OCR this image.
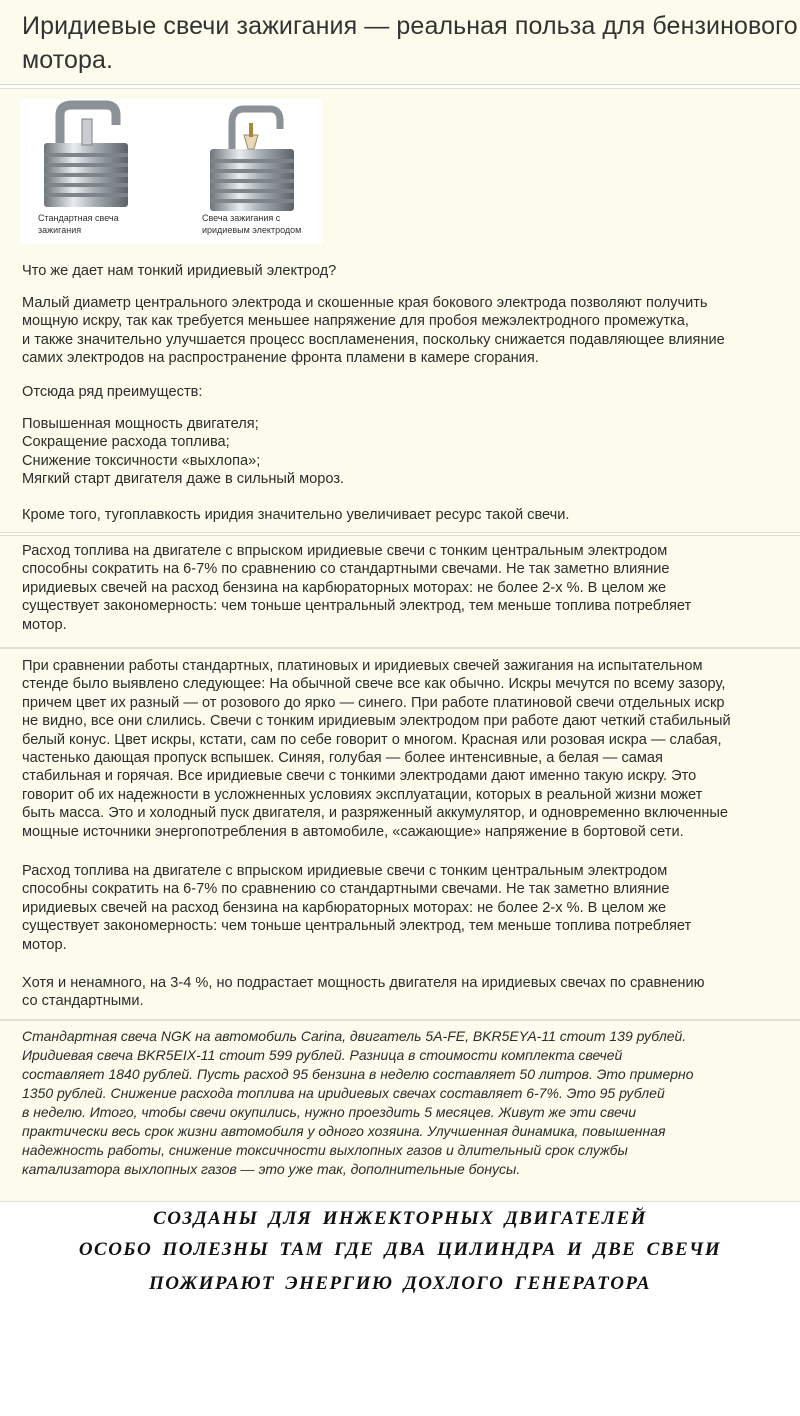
Иридиевые свечи зажигания — реальная польза для бензинового мотора.
Стандартная свеча
зажигания
Свеча зажигания с
иридиевым электродом

Что же дает нам тонкий иридиевый электрод?

Малый диаметр центрального электрода и скошенные края бокового электрода позволяют получить
мощную искру, так как требуется меньшее напряжение для пробоя межэлектродного промежутка,
и также значительно улучшается процесс воспламенения, поскольку снижается подавляющее влияние
самих электродов на распространение фронта пламени в камере сгорания.

Отсюда ряд преимуществ:

Повышенная мощность двигателя;
Сокращение расхода топлива;
Снижение токсичности «выхлопа»;
Мягкий старт двигателя даже в сильный мороз.

Кроме того, тугоплавкость иридия значительно увеличивает ресурс такой свечи.

Расход топлива на двигателе с впрыском иридиевые свечи с тонким центральным электродом
способны сократить на 6-7% по сравнению со стандартными свечами. Не так заметно влияние
иридиевых свечей на расход бензина на карбюраторных моторах: не более 2-х %. В целом же
существует закономерность: чем тоньше центральный электрод, тем меньше топлива потребляет
мотор.

При сравнении работы стандартных, платиновых и иридиевых свечей зажигания на испытательном
стенде было выявлено следующее: На обычной свече все как обычно. Искры мечутся по всему зазору,
причем цвет их разный — от розового до ярко — синего. При работе платиновой свечи отдельных искр
не видно, все они слились. Свечи с тонким иридиевым электродом при работе дают четкий стабильный
белый конус. Цвет искры, кстати, сам по себе говорит о многом. Красная или розовая искра — слабая,
частенько дающая пропуск вспышек. Синяя, голубая — более интенсивные, а белая — самая
стабильная и горячая. Все иридиевые свечи с тонкими электродами дают именно такую искру. Это
говорит об их надежности в усложненных условиях эксплуатации, которых в реальной жизни может
быть масса. Это и холодный пуск двигателя, и разряженный аккумулятор, и одновременно включенные
мощные источники энергопотребления в автомобиле, «сажающие» напряжение в бортовой сети.

Расход топлива на двигателе с впрыском иридиевые свечи с тонким центральным электродом
способны сократить на 6-7% по сравнению со стандартными свечами. Не так заметно влияние
иридиевых свечей на расход бензина на карбюраторных моторах: не более 2-х %. В целом же
существует закономерность: чем тоньше центральный электрод, тем меньше топлива потребляет
мотор.

Хотя и ненамного, на 3-4 %, но подрастает мощность двигателя на иридиевых свечах по сравнению
со стандартными.

Стандартная свеча NGK на автомобиль Carina, двигатель 5A-FE, BKR5EYA-11 стоит 139 рублей.
Иридиевая свеча BKR5EIX-11 стоит 599 рублей. Разница в стоимости комплекта свечей
составляет 1840 рублей. Пусть расход 95 бензина в неделю составляет 50 литров. Это примерно
1350 рублей. Снижение расхода топлива на иридиевых свечах составляет 6-7%. Это 95 рублей
в неделю. Итого, чтобы свечи окупились, нужно проездить 5 месяцев. Живут же эти свечи
практически весь срок жизни автомобиля у одного хозяина. Улучшенная динамика, повышенная
надежность работы, снижение токсичности выхлопных газов и длительный срок службы
катализатора выхлопных газов — это уже так, дополнительные бонусы.

СОЗДАНЫ ДЛЯ ИНЖЕКТОРНЫХ ДВИГАТЕЛЕЙ
ОСОБО ПОЛЕЗНЫ ТАМ ГДЕ ДВА ЦИЛИНДРА И ДВЕ СВЕЧИ
ПОЖИРАЮТ ЭНЕРГИЮ ДОХЛОГО ГЕНЕРАТОРА
